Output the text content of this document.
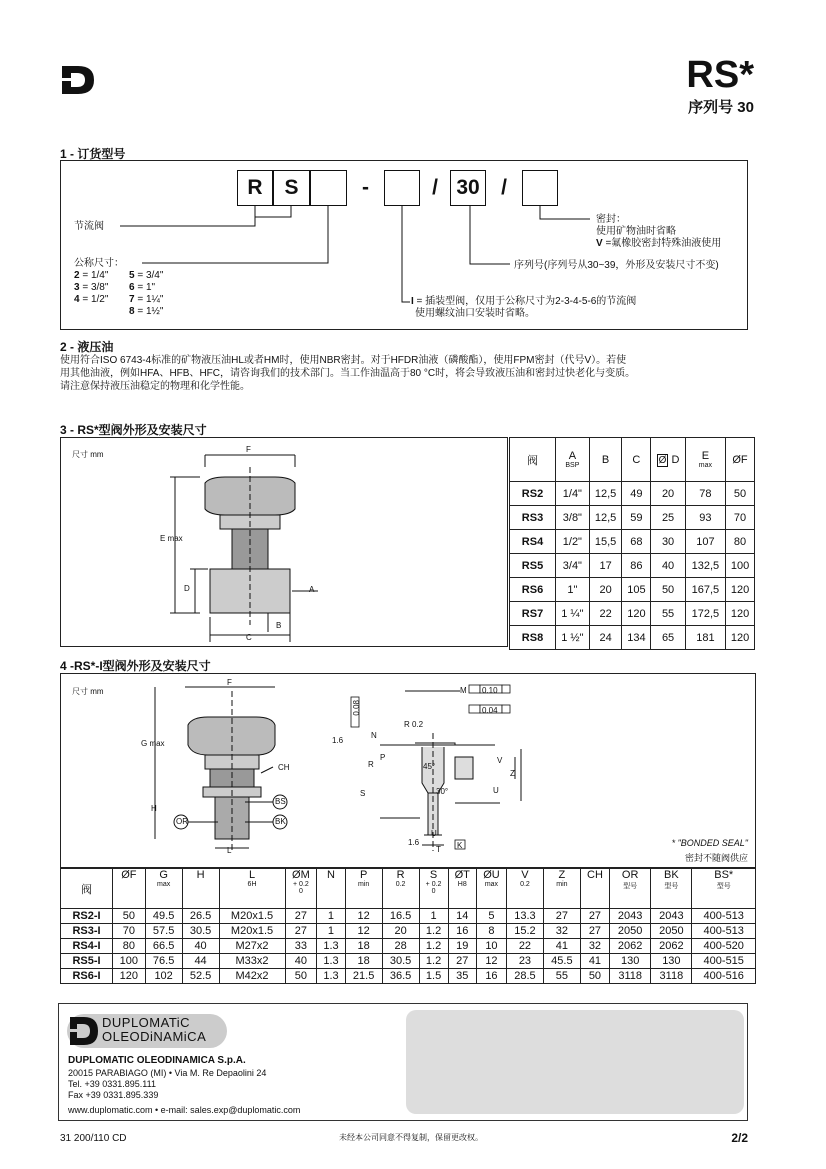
RS*
序列号 30
1 - 订货型号
R	S	-	/ 30	/
节流阀
公称尺寸：
2 = 1/4"	5 = 3/4"
3 = 3/8"	6 = 1"
4 = 1/2"	7 = 1¼"
8 = 1½"
密封：
使用矿物油时省略
V =氟橡胶密封特殊油液使用
序列号(序列号从30~39，外形及安装尺寸不变)
I = 插装型阀，仅用于公称尺寸为2-3-4-5-6的节流阀
使用螺纹油口安装时省略。
2 - 液压油
使用符合ISO 6743-4标准的矿物液压油HL或者HM时，使用NBR密封。对于HFDR油液（磷酸酯），使用FPM密封（代号V）。若使
用其他油液，例如HFA、HFB、HFC，请咨询我们的技术部门。当工作油温高于80 °C时，将会导致液压油和密封过快老化与变质。
请注意保持液压油稳定的物理和化学性能。
3 - RS*型阀外形及安装尺寸
尺寸 mm
F
E max
D	A
B
C
阀	A
BSP	B	C	Ø D	E
max	ØF
RS2	1/4"	12,5	49	20	78	50
RS3	3/8"	12,5	59	25	93	70
RS4	1/2"	15,5	68	30	107	80
RS5	3/4"	17	86	40	132,5	100
RS6	1"	20	105	50	167,5	120
RS7	1 ¼"	22	120	55	172,5	120
RS8	1 ½"	24	134	65	181	120
4 -RS*-I型阀外形及安装尺寸
尺寸 mm
F
G max
H
L
CH
BS
BK
OR
M
N
P
R
R 0.2
S
V
Z
U
U
T K
0.10
0.04
0.08
1.6
1.6
45°
30°
* "BONDED SEAL"
密封不随阀供应
阀	ØF	G
max	H	L
6H	ØM
+ 0.2
0	N	P
min	R
0.2	S
+ 0.2
0	ØT
H8	ØU
max	V
0.2	Z
min	CH	OR
型号	BK
型号	BS*
型号

RS2-I	50	49.5	26.5	M20x1.5	27	1	12	16.5	1	14	5	13.3	27	27	2043	2043	400-513
RS3-I	70	57.5	30.5	M20x1.5	27	1	12	20	1.2	16	8	15.2	32	27	2050	2050	400-513
RS4-I	80	66.5	40	M27x2	33	1.3	18	28	1.2	19	10	22	41	32	2062	2062	400-520
RS5-I	100	76.5	44	M33x2	40	1.3	18	30.5	1.2	27	12	23	45.5	41	130	130	400-515
RS6-I	120	102	52.5	M42x2	50	1.3	21.5	36.5	1.5	35	16	28.5	55	50	3118	3118	400-516
DUPLOMATiC
OLEODiNAMiCA
DUPLOMATIC OLEODINAMICA S.p.A.
20015 PARABIAGO (MI) • Via M. Re Depaolini 24
Tel. +39 0331.895.111
Fax +39 0331.895.339
www.duplomatic.com • e-mail: sales.exp@duplomatic.com
31 200/110 CD	未经本公司同意不得复制，保留更改权。	2/2
